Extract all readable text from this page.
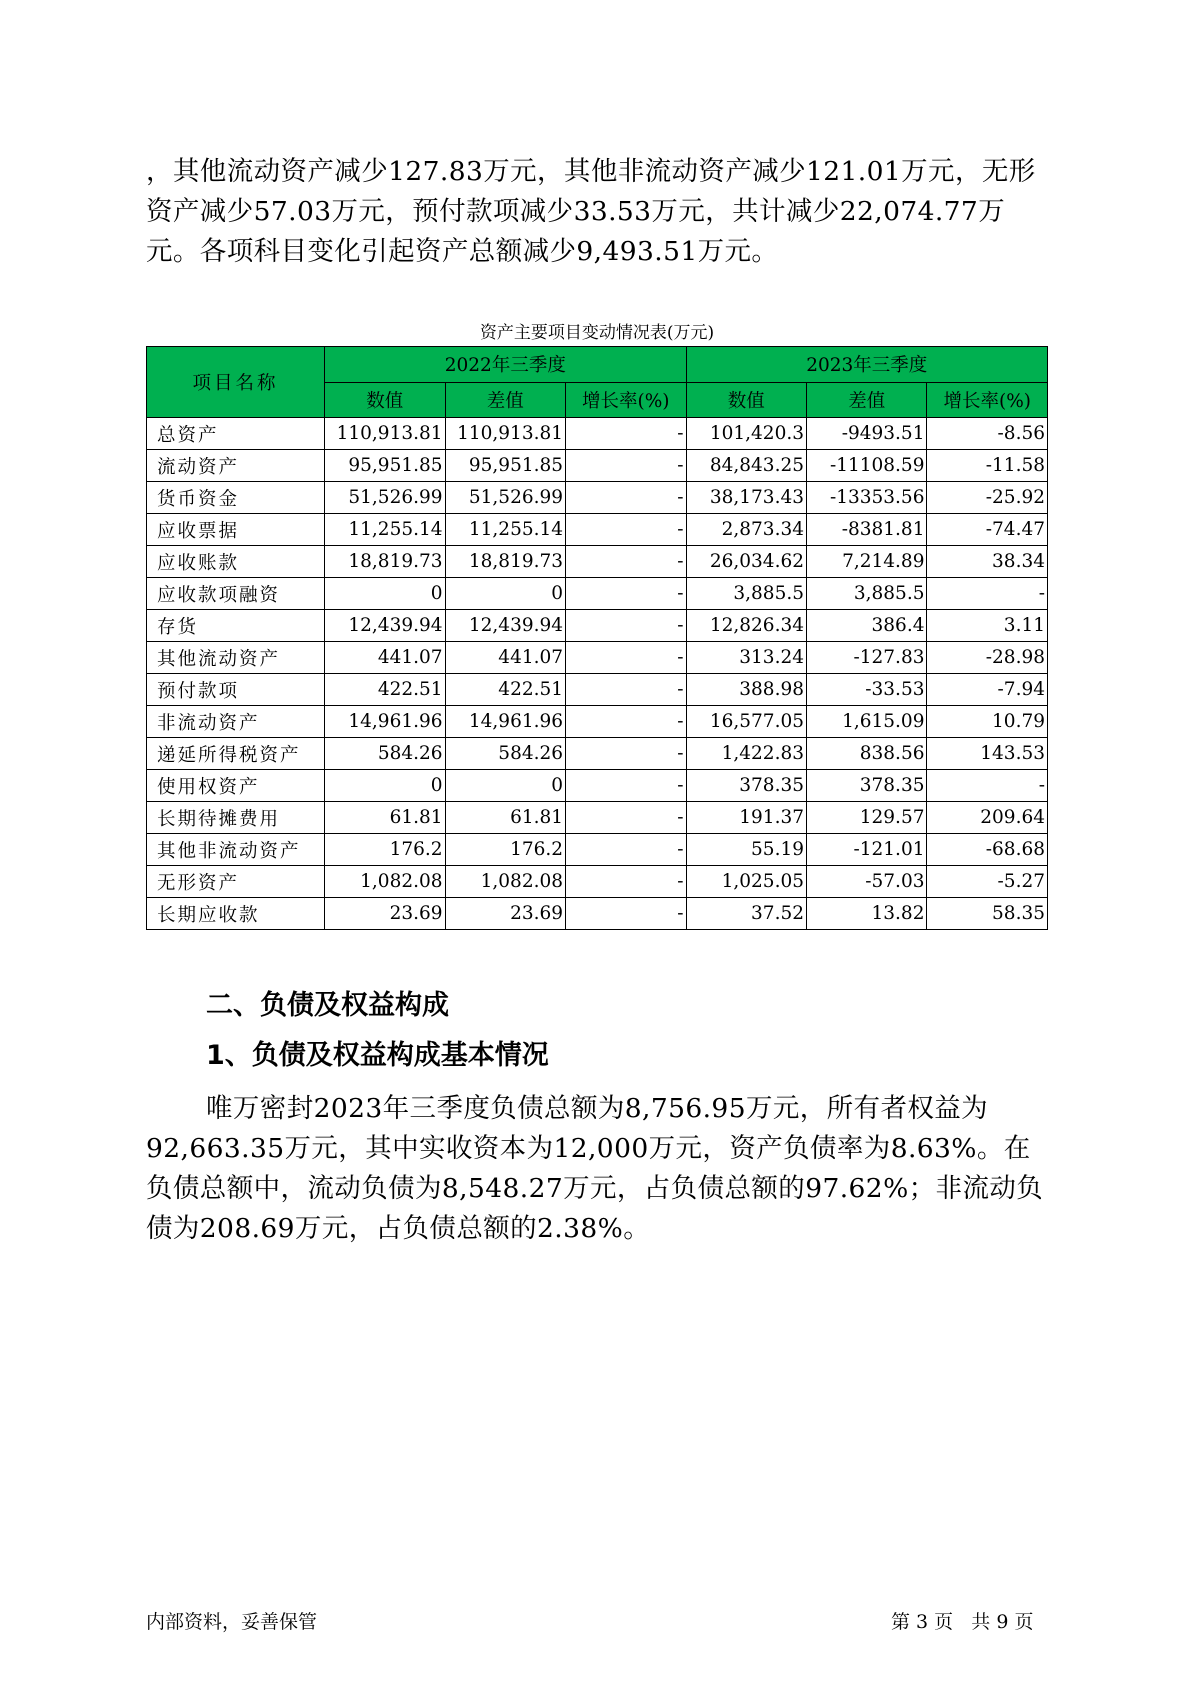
，其他流动资产减少127.83万元，其他非流动资产减少121.01万元，无形资产减少57.03万元，预付款项减少33.53万元，共计减少22,074.77万元。各项科目变化引起资产总额减少9,493.51万元。

资产主要项目变动情况表(万元)
项目名称	2022年三季度			2023年三季度		
	数值	差值	增长率(%)	数值	差值	增长率(%)
总资产	110,913.81	110,913.81	-	101,420.3	-9493.51	-8.56
流动资产	95,951.85	95,951.85	-	84,843.25	-11108.59	-11.58
货币资金	51,526.99	51,526.99	-	38,173.43	-13353.56	-25.92
应收票据	11,255.14	11,255.14	-	2,873.34	-8381.81	-74.47
应收账款	18,819.73	18,819.73	-	26,034.62	7,214.89	38.34
应收款项融资	0	0	-	3,885.5	3,885.5	-
存货	12,439.94	12,439.94	-	12,826.34	386.4	3.11
其他流动资产	441.07	441.07	-	313.24	-127.83	-28.98
预付款项	422.51	422.51	-	388.98	-33.53	-7.94
非流动资产	14,961.96	14,961.96	-	16,577.05	1,615.09	10.79
递延所得税资产	584.26	584.26	-	1,422.83	838.56	143.53
使用权资产	0	0	-	378.35	378.35	-
长期待摊费用	61.81	61.81	-	191.37	129.57	209.64
其他非流动资产	176.2	176.2	-	55.19	-121.01	-68.68
无形资产	1,082.08	1,082.08	-	1,025.05	-57.03	-5.27
长期应收款	23.69	23.69	-	37.52	13.82	58.35
二、负债及权益构成
1、负债及权益构成基本情况

唯万密封2023年三季度负债总额为8,756.95万元，所有者权益为92,663.35万元，其中实收资本为12,000万元，资产负债率为8.63%。在负债总额中，流动负债为8,548.27万元，占负债总额的97.62%；非流动负债为208.69万元，占负债总额的2.38%。

内部资料，妥善保管	第 3 页 共 9 页
